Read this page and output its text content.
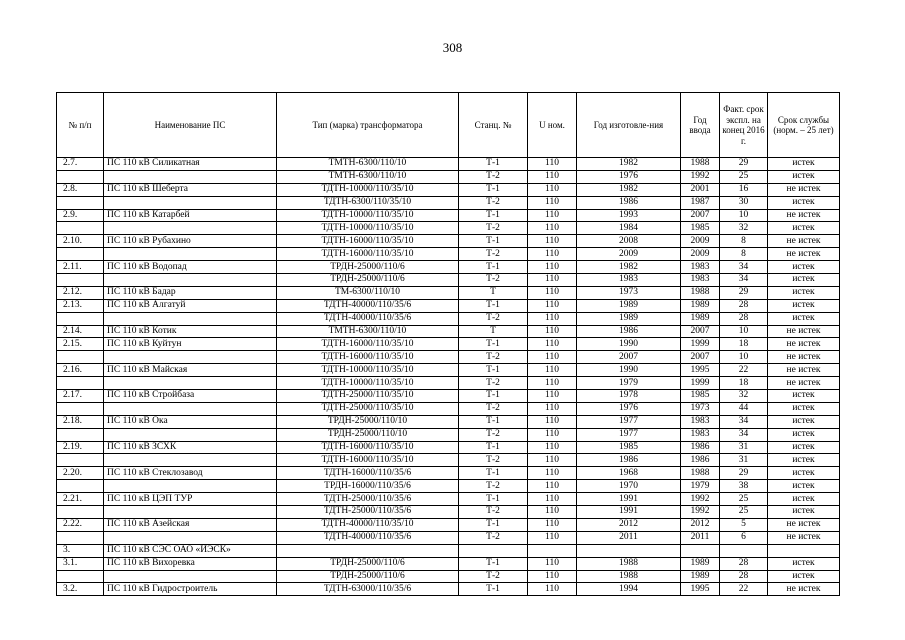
308
№ п/п	Наименование ПС	Тип (марка) трансформатора	Станц. №	U ном.	Год изготовле-ния	Год ввода	Факт. срок экспл. на конец 2016 г.	Срок службы (норм. – 25 лет)
2.7.	ПС 110 кВ Силикатная	ТМТН-6300/110/10	Т-1	110	1982	1988	29	истек
		ТМТН-6300/110/10	Т-2	110	1976	1992	25	истек
2.8.	ПС 110 кВ Шеберта	ТДТН-10000/110/35/10	Т-1	110	1982	2001	16	не истек
		ТДТН-6300/110/35/10	Т-2	110	1986	1987	30	истек
2.9.	ПС 110 кВ Катарбей	ТДТН-10000/110/35/10	Т-1	110	1993	2007	10	не истек
		ТДТН-10000/110/35/10	Т-2	110	1984	1985	32	истек
2.10.	ПС 110 кВ Рубахино	ТДТН-16000/110/35/10	Т-1	110	2008	2009	8	не истек
		ТДТН-16000/110/35/10	Т-2	110	2009	2009	8	не истек
2.11.	ПС 110 кВ Водопад	ТРДН-25000/110/6	Т-1	110	1982	1983	34	истек
		ТРДН-25000/110/6	Т-2	110	1983	1983	34	истек
2.12.	ПС 110 кВ Бадар	ТМ-6300/110/10	Т	110	1973	1988	29	истек
2.13.	ПС 110 кВ Алгатуй	ТДТН-40000/110/35/6	Т-1	110	1989	1989	28	истек
		ТДТН-40000/110/35/6	Т-2	110	1989	1989	28	истек
2.14.	ПС 110 кВ Котик	ТМТН-6300/110/10	Т	110	1986	2007	10	не истек
2.15.	ПС 110 кВ Куйтун	ТДТН-16000/110/35/10	Т-1	110	1990	1999	18	не истек
		ТДТН-16000/110/35/10	Т-2	110	2007	2007	10	не истек
2.16.	ПС 110 кВ Майская	ТДТН-10000/110/35/10	Т-1	110	1990	1995	22	не истек
		ТДТН-10000/110/35/10	Т-2	110	1979	1999	18	не истек
2.17.	ПС 110 кВ Стройбаза	ТДТН-25000/110/35/10	Т-1	110	1978	1985	32	истек
		ТДТН-25000/110/35/10	Т-2	110	1976	1973	44	истек
2.18.	ПС 110 кВ Ока	ТРДН-25000/110/10	Т-1	110	1977	1983	34	истек
		ТРДН-25000/110/10	Т-2	110	1977	1983	34	истек
2.19.	ПС 110 кВ ЗСХК	ТДТН-16000/110/35/10	Т-1	110	1985	1986	31	истек
		ТДТН-16000/110/35/10	Т-2	110	1986	1986	31	истек
2.20.	ПС 110 кВ Стеклозавод	ТДТН-16000/110/35/6	Т-1	110	1968	1988	29	истек
		ТРДН-16000/110/35/6	Т-2	110	1970	1979	38	истек
2.21.	ПС 110 кВ ЦЭП ТУР	ТДТН-25000/110/35/6	Т-1	110	1991	1992	25	истек
		ТДТН-25000/110/35/6	Т-2	110	1991	1992	25	истек
2.22.	ПС 110 кВ Азейская	ТДТН-40000/110/35/10	Т-1	110	2012	2012	5	не истек
		ТДТН-40000/110/35/6	Т-2	110	2011	2011	6	не истек
3.	ПС 110 кВ СЭС ОАО «ИЭСК»							
3.1.	ПС 110 кВ Вихоревка	ТРДН-25000/110/6	Т-1	110	1988	1989	28	истек
		ТРДН-25000/110/6	Т-2	110	1988	1989	28	истек
3.2.	ПС 110 кВ Гидростроитель	ТДТН-63000/110/35/6	Т-1	110	1994	1995	22	не истек
